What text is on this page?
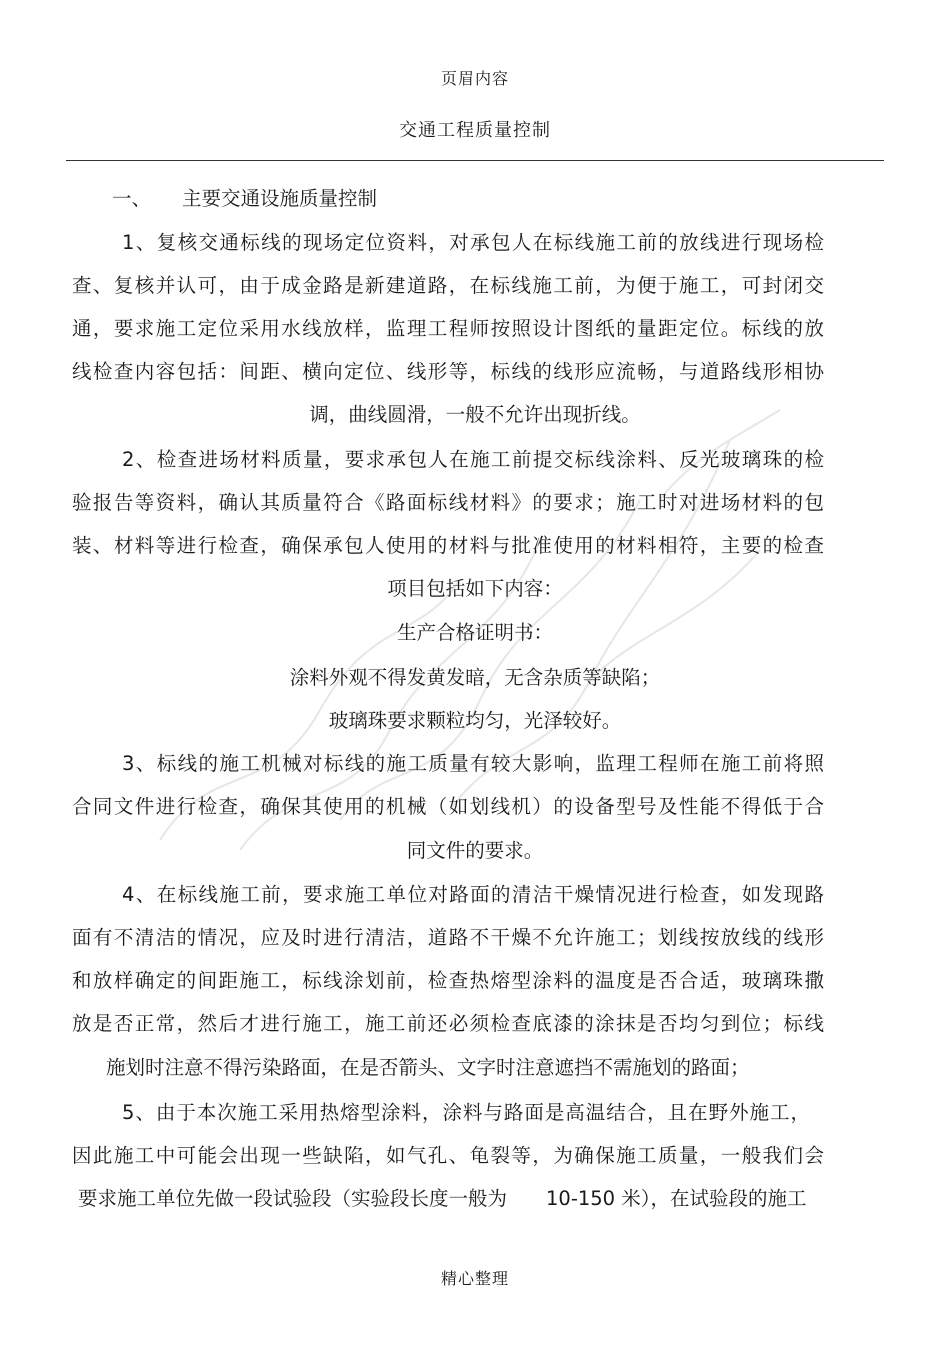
页眉内容
交通工程质量控制
一、 主要交通设施质量控制
1、复核交通标线的现场定位资料，对承包人在标线施工前的放线进行现场检
查、复核并认可，由于成金路是新建道路，在标线施工前，为便于施工，可封闭交
通，要求施工定位采用水线放样，监理工程师按照设计图纸的量距定位。标线的放
线检查内容包括：间距、横向定位、线形等，标线的线形应流畅，与道路线形相协
调，曲线圆滑，一般不允许出现折线。
2、检查进场材料质量，要求承包人在施工前提交标线涂料、反光玻璃珠的检
验报告等资料，确认其质量符合《路面标线材料》的要求；施工时对进场材料的包
装、材料等进行检查，确保承包人使用的材料与批准使用的材料相符，主要的检查
项目包括如下内容：
生产合格证明书：
涂料外观不得发黄发暗，无含杂质等缺陷；
玻璃珠要求颗粒均匀，光泽较好。
3、标线的施工机械对标线的施工质量有较大影响，监理工程师在施工前将照
合同文件进行检查，确保其使用的机械（如划线机）的设备型号及性能不得低于合
同文件的要求。
4、在标线施工前，要求施工单位对路面的清洁干燥情况进行检查，如发现路
面有不清洁的情况，应及时进行清洁，道路不干燥不允许施工；划线按放线的线形
和放样确定的间距施工，标线涂划前，检查热熔型涂料的温度是否合适，玻璃珠撒
放是否正常，然后才进行施工，施工前还必须检查底漆的涂抹是否均匀到位；标线
施划时注意不得污染路面，在是否箭头、文字时注意遮挡不需施划的路面；
5、由于本次施工采用热熔型涂料，涂料与路面是高温结合，且在野外施工，
因此施工中可能会出现一些缺陷，如气孔、龟裂等，为确保施工质量，一般我们会
要求施工单位先做一段试验段（实验段长度一般为　　10-150 米），在试验段的施工
精心整理
